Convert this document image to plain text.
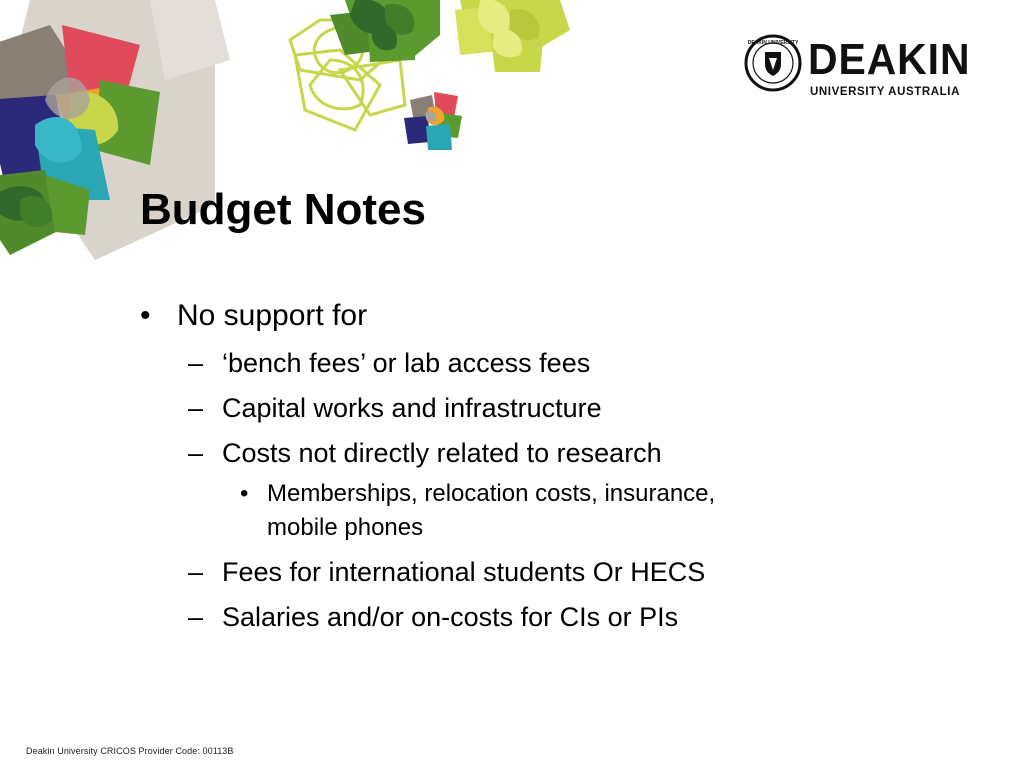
DEAKIN UNIVERSITY DEAKIN
UNIVERSITY AUSTRALIA
Budget Notes
• No support for
– ‘bench fees’ or lab access fees
– Capital works and infrastructure
– Costs not directly related to research
• Memberships, relocation costs, insurance, mobile phones
– Fees for international students Or HECS
– Salaries and/or on-costs for CIs or PIs
Deakin University CRICOS Provider Code: 00113B
